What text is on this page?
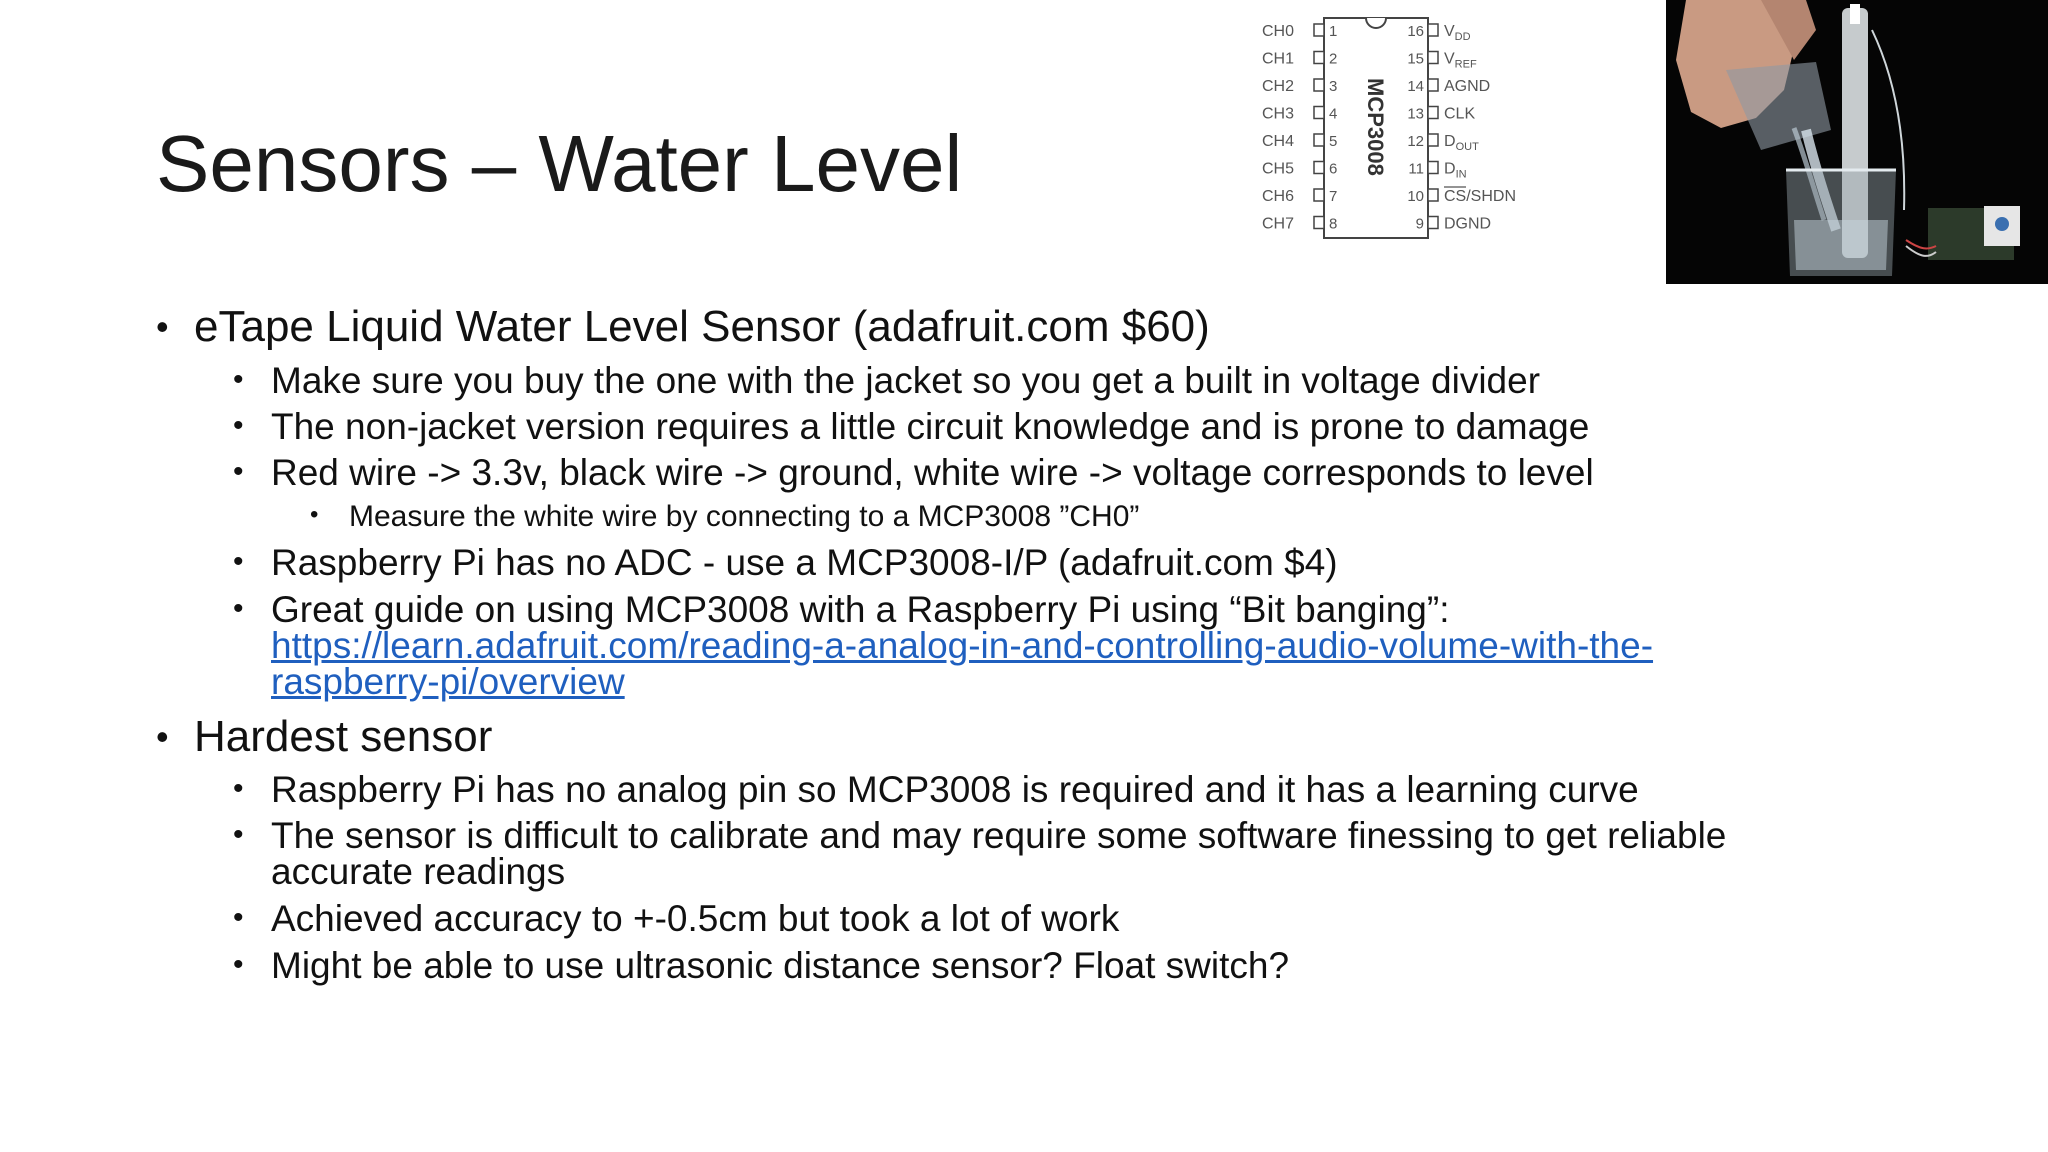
Sensors – Water Level	MCP3008
CH0 1
CH1 2
CH2 3
CH3 4
CH4 5
CH5 6
CH6 7
CH7 8
16 $V_{DD}$
15 $V_{REF}$
14 AGND
13 CLK
12 $D_{OUT}$
11 $D_{IN}$
10 CS/SHDN
9 DGND
• eTape Liquid Water Level Sensor (adafruit.com $60)
• Make sure you buy the one with the jacket so you get a built in voltage divider
• The non-jacket version requires a little circuit knowledge and is prone to damage
• Red wire -> 3.3v, black wire -> ground, white wire -> voltage corresponds to level
• Measure the white wire by connecting to a MCP3008 ”CH0”
• Raspberry Pi has no ADC - use a MCP3008-I/P (adafruit.com $4)
• Great guide on using MCP3008 with a Raspberry Pi using “Bit banging”:
https://learn.adafruit.com/reading-a-analog-in-and-controlling-audio-volume-with-the-
raspberry-pi/overview
• Hardest sensor
• Raspberry Pi has no analog pin so MCP3008 is required and it has a learning curve
• The sensor is difficult to calibrate and may require some software finessing to get reliable
accurate readings
• Achieved accuracy to +-0.5cm but took a lot of work
• Might be able to use ultrasonic distance sensor? Float switch?
